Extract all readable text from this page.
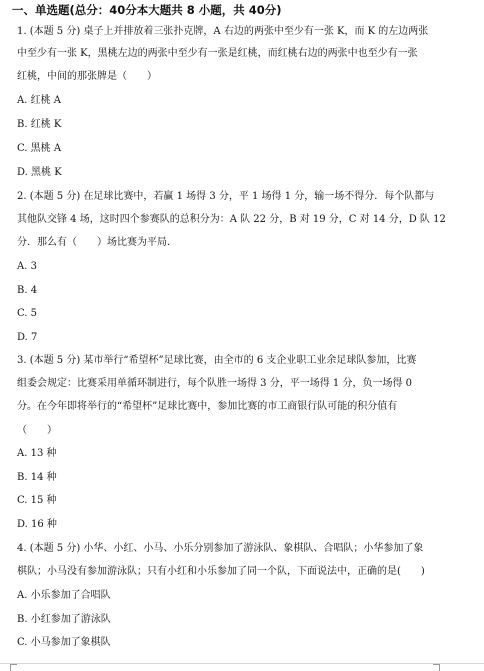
一、单选题(总分：40分本大题共 8 小题，共 40分)
1. (本题 5 分) 桌子上并排放着三张扑克牌，A 右边的两张中至少有一张 K，而 K 的左边两张
中至少有一张 K，黑桃左边的两张中至少有一张是红桃，而红桃右边的两张中也至少有一张
红桃，中间的那张牌是（　　）
A. 红桃 A
B. 红桃 K
C. 黑桃 A
D. 黑桃 K
2. (本题 5 分) 在足球比赛中，若赢 1 场得 3 分，平 1 场得 1 分，输一场不得分．每个队都与
其他队交锋 4 场，这时四个参赛队的总积分为：A 队 22 分，B 对 19 分，C 对 14 分，D 队 12
分．那么有（　　）场比赛为平局．
A. 3
B. 4
C. 5
D. 7
3. (本题 5 分) 某市举行“希望杯”足球比赛，由全市的 6 支企业职工业余足球队参加，比赛
组委会规定：比赛采用单循环制进行，每个队胜一场得 3 分，平一场得 1 分，负一场得 0
分。在今年即将举行的“希望杯”足球比赛中，参加比赛的市工商银行队可能的积分值有
（　　）
A. 13 种
B. 14 种
C. 15 种
D. 16 种
4. (本题 5 分) 小华、小红、小马、小乐分别参加了游泳队、象棋队、合唱队；小华参加了象
棋队；小马没有参加游泳队；只有小红和小乐参加了同一个队，下面说法中，正确的是(　　)
A. 小乐参加了合唱队
B. 小红参加了游泳队
C. 小马参加了象棋队
